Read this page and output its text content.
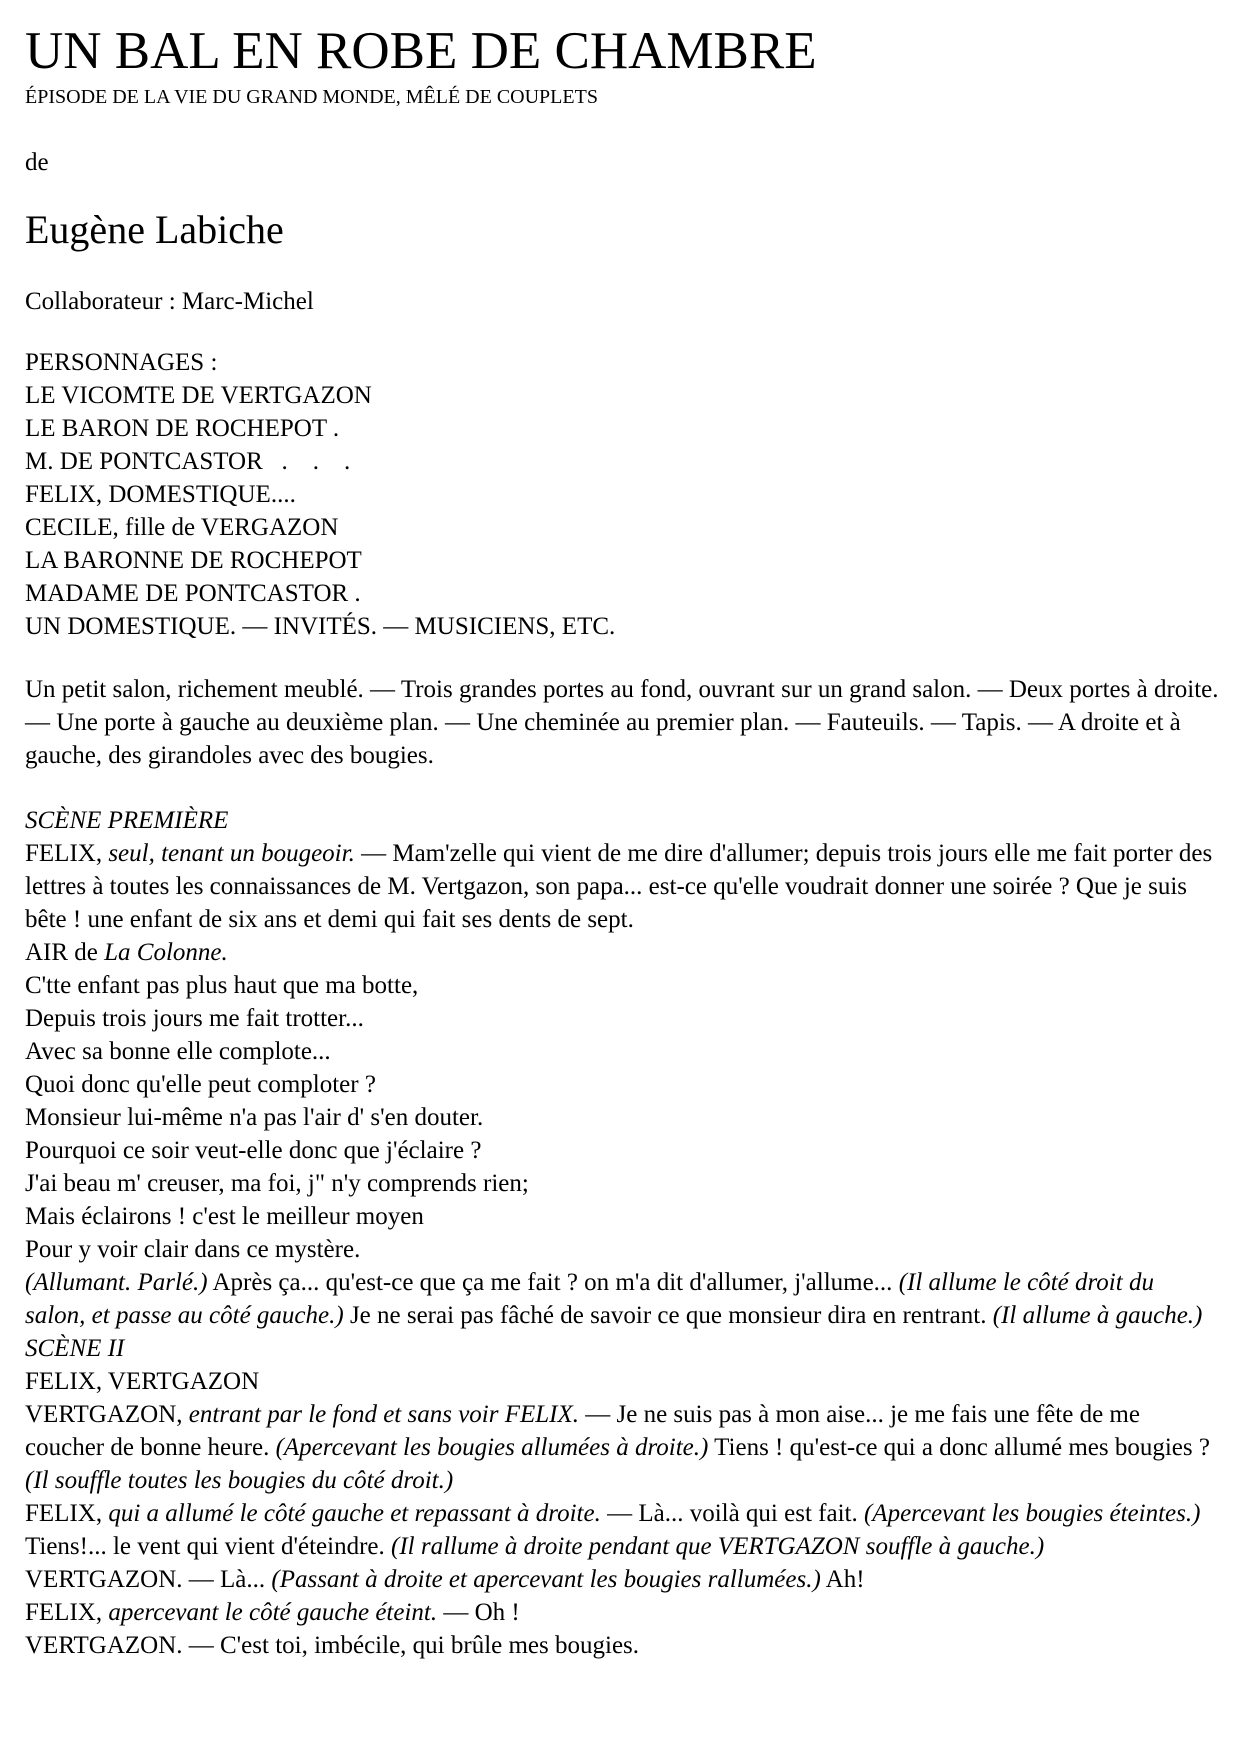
UN BAL EN ROBE DE CHAMBRE
ÉPISODE DE LA VIE DU GRAND MONDE, MÊLÉ DE COUPLETS
de
Eugène Labiche
Collaborateur : Marc-Michel
PERSONNAGES :
LE VICOMTE DE VERTGAZON
LE BARON DE ROCHEPOT .
M. DE PONTCASTOR   .    .    .
FELIX, DOMESTIQUE....
CECILE, fille de VERGAZON
LA BARONNE DE ROCHEPOT
MADAME DE PONTCASTOR .
UN DOMESTIQUE. — INVITÉS. — MUSICIENS, ETC.
Un petit salon, richement meublé. — Trois grandes portes au fond, ouvrant sur un grand salon. — Deux portes à droite. — Une porte à gauche au deuxième plan. — Une cheminée au premier plan. — Fauteuils. — Tapis. — A droite et à gauche, des girandoles avec des bougies.
SCÈNE PREMIÈRE
FELIX, seul, tenant un bougeoir. — Mam'zelle qui vient de me dire d'allumer; depuis trois jours elle me fait porter des lettres à toutes les connaissances de M. Vertgazon, son papa... est-ce qu'elle voudrait donner une soirée ? Que je suis bête ! une enfant de six ans et demi qui fait ses dents de sept.
AIR de La Colonne.
C'tte enfant pas plus haut que ma botte,
Depuis trois jours me fait trotter...
Avec sa bonne elle complote...
Quoi donc qu'elle peut comploter ?
Monsieur lui-même n'a pas l'air d' s'en douter.
Pourquoi ce soir veut-elle donc que j'éclaire ?
J'ai beau m' creuser, ma foi, j" n'y comprends rien;
Mais éclairons ! c'est le meilleur moyen
Pour y voir clair dans ce mystère.
(Allumant. Parlé.) Après ça... qu'est-ce que ça me fait ? on m'a dit d'allumer, j'allume... (Il allume le côté droit du salon, et passe au côté gauche.) Je ne serai pas fâché de savoir ce que monsieur dira en rentrant. (Il allume à gauche.)
SCÈNE II
FELIX, VERTGAZON
VERTGAZON, entrant par le fond et sans voir FELIX. — Je ne suis pas à mon aise... je me fais une fête de me coucher de bonne heure. (Apercevant les bougies allumées à droite.) Tiens ! qu'est-ce qui a donc allumé mes bougies ? (Il souffle toutes les bougies du côté droit.)
FELIX, qui a allumé le côté gauche et repassant à droite. — Là... voilà qui est fait. (Apercevant les bougies éteintes.) Tiens!... le vent qui vient d'éteindre. (Il rallume à droite pendant que VERTGAZON souffle à gauche.)
VERTGAZON. — Là... (Passant à droite et apercevant les bougies rallumées.) Ah!
FELIX, apercevant le côté gauche éteint. — Oh !
VERTGAZON. — C'est toi, imbécile, qui brûle mes bougies.
